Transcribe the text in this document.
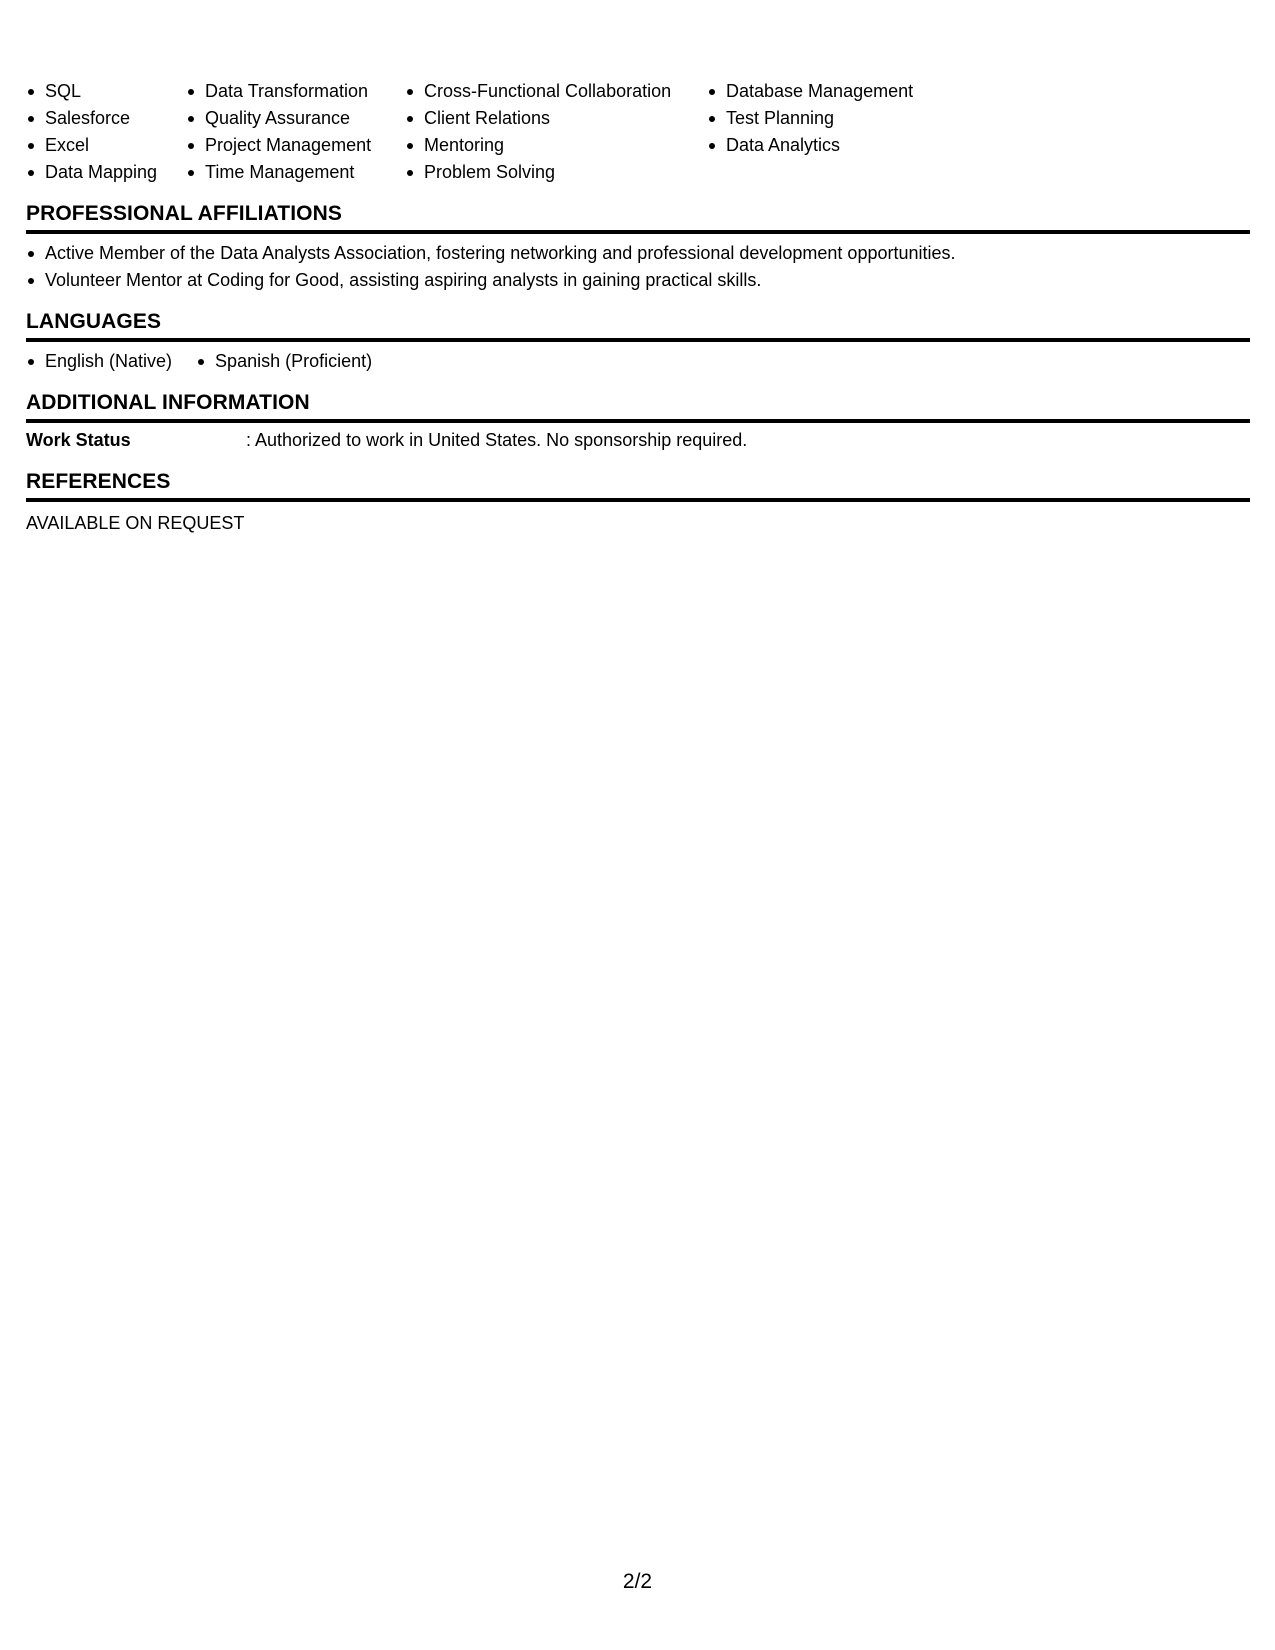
SQL
Salesforce
Excel
Data Mapping
Data Transformation
Quality Assurance
Project Management
Time Management
Cross-Functional Collaboration
Client Relations
Mentoring
Problem Solving
Database Management
Test Planning
Data Analytics
PROFESSIONAL AFFILIATIONS
Active Member of the Data Analysts Association, fostering networking and professional development opportunities.
Volunteer Mentor at Coding for Good, assisting aspiring analysts in gaining practical skills.
LANGUAGES
English (Native)	Spanish (Proficient)
ADDITIONAL INFORMATION
Work Status	: Authorized to work in United States. No sponsorship required.
REFERENCES
AVAILABLE ON REQUEST
2/2
